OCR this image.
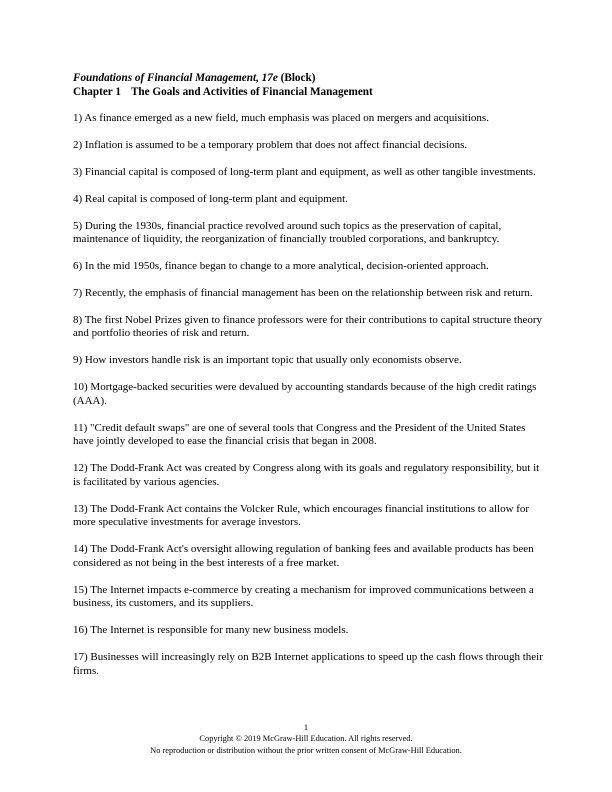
Foundations of Financial Management, 17e (Block)

Chapter 1 The Goals and Activities of Financial Management

1) As finance emerged as a new field, much emphasis was placed on mergers and acquisitions.

2) Inflation is assumed to be a temporary problem that does not affect financial decisions.

3) Financial capital is composed of long-term plant and equipment, as well as other tangible investments.

4) Real capital is composed of long-term plant and equipment.

5) During the 1930s, financial practice revolved around such topics as the preservation of capital, maintenance of liquidity, the reorganization of financially troubled corporations, and bankruptcy.

6) In the mid 1950s, finance began to change to a more analytical, decision-oriented approach.

7) Recently, the emphasis of financial management has been on the relationship between risk and return.

8) The first Nobel Prizes given to finance professors were for their contributions to capital structure theory and portfolio theories of risk and return.

9) How investors handle risk is an important topic that usually only economists observe.

10) Mortgage-backed securities were devalued by accounting standards because of the high credit ratings (AAA).

11) "Credit default swaps" are one of several tools that Congress and the President of the United States have jointly developed to ease the financial crisis that began in 2008.

12) The Dodd-Frank Act was created by Congress along with its goals and regulatory responsibility, but it is facilitated by various agencies.

13) The Dodd-Frank Act contains the Volcker Rule, which encourages financial institutions to allow for more speculative investments for average investors.

14) The Dodd-Frank Act's oversight allowing regulation of banking fees and available products has been considered as not being in the best interests of a free market.

15) The Internet impacts e-commerce by creating a mechanism for improved communications between a business, its customers, and its suppliers.

16) The Internet is responsible for many new business models.

17) Businesses will increasingly rely on B2B Internet applications to speed up the cash flows through their firms.

1
Copyright © 2019 McGraw-Hill Education. All rights reserved.
No reproduction or distribution without the prior written consent of McGraw-Hill Education.
